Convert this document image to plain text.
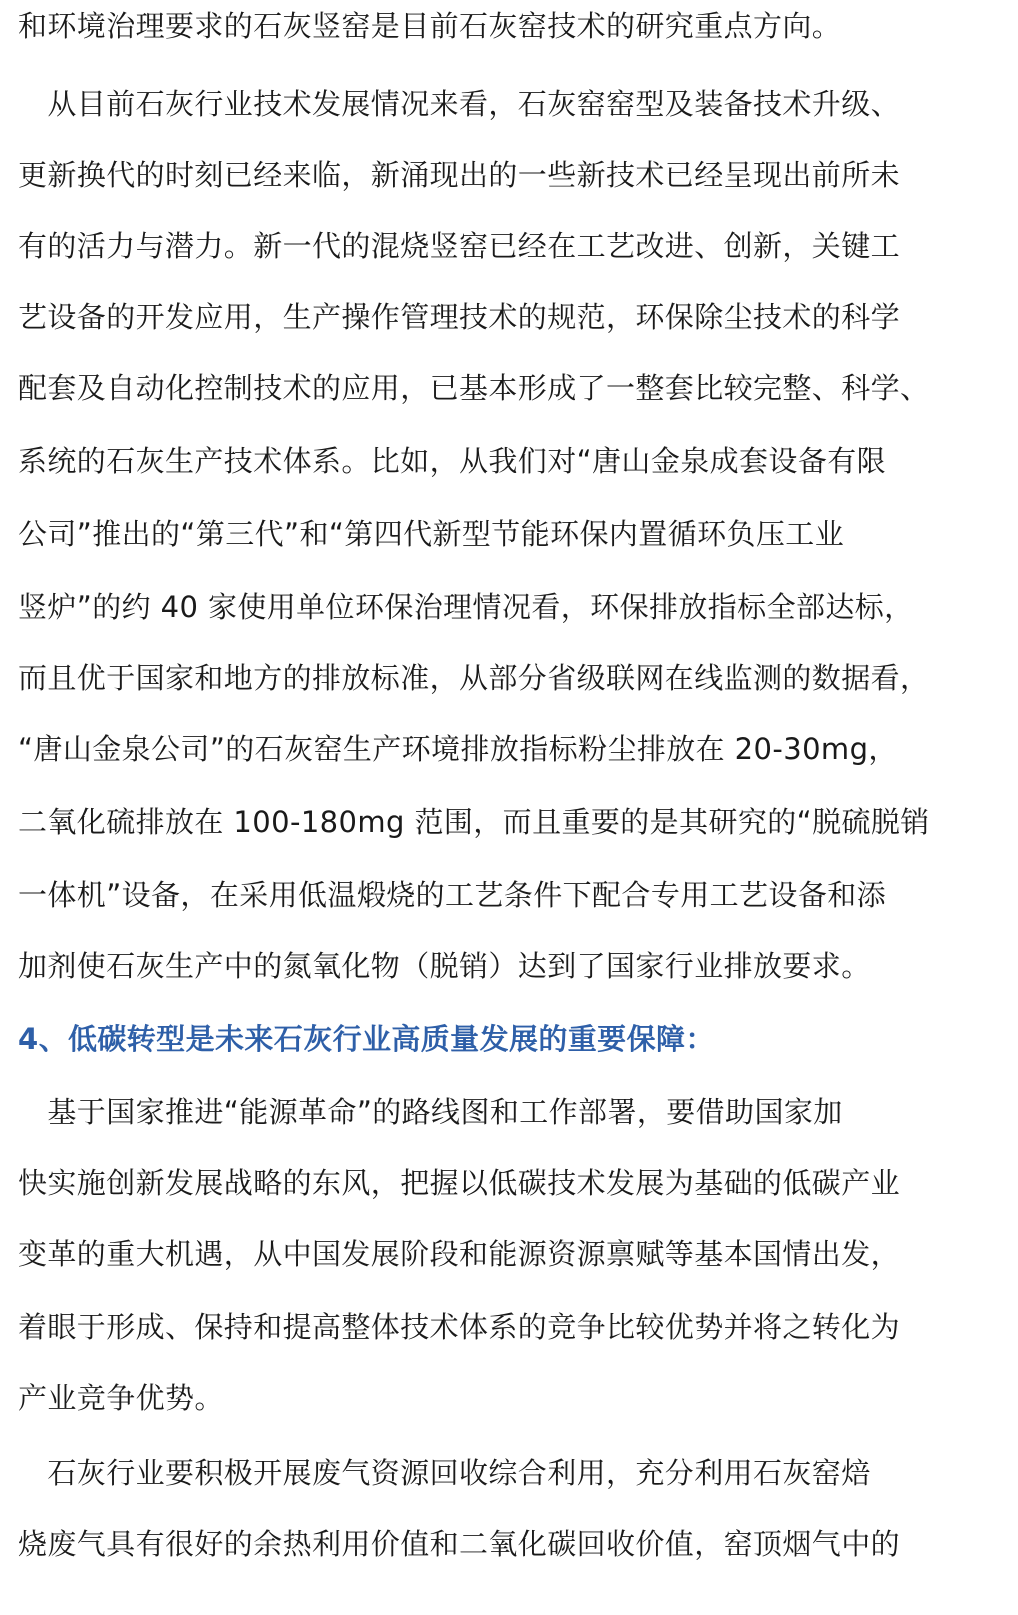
和环境治理要求的石灰竖窑是目前石灰窑技术的研究重点方向。
　从目前石灰行业技术发展情况来看，石灰窑窑型及装备技术升级、
更新换代的时刻已经来临，新涌现出的一些新技术已经呈现出前所未
有的活力与潜力。新一代的混烧竖窑已经在工艺改进、创新，关键工
艺设备的开发应用，生产操作管理技术的规范，环保除尘技术的科学
配套及自动化控制技术的应用，已基本形成了一整套比较完整、科学、
系统的石灰生产技术体系。比如，从我们对“唐山金泉成套设备有限
公司”推出的“第三代”和“第四代新型节能环保内置循环负压工业
竖炉”的约 40 家使用单位环保治理情况看，环保排放指标全部达标，
而且优于国家和地方的排放标准，从部分省级联网在线监测的数据看，
“唐山金泉公司”的石灰窑生产环境排放指标粉尘排放在 20-30mg，
二氧化硫排放在 100-180mg 范围，而且重要的是其研究的“脱硫脱销
一体机”设备，在采用低温煅烧的工艺条件下配合专用工艺设备和添
加剂使石灰生产中的氮氧化物（脱销）达到了国家行业排放要求。
4、低碳转型是未来石灰行业高质量发展的重要保障：
　基于国家推进“能源革命”的路线图和工作部署，要借助国家加
快实施创新发展战略的东风，把握以低碳技术发展为基础的低碳产业
变革的重大机遇，从中国发展阶段和能源资源禀赋等基本国情出发，
着眼于形成、保持和提高整体技术体系的竞争比较优势并将之转化为
产业竞争优势。
　石灰行业要积极开展废气资源回收综合利用，充分利用石灰窑焙
烧废气具有很好的余热利用价值和二氧化碳回收价值，窑顶烟气中的
